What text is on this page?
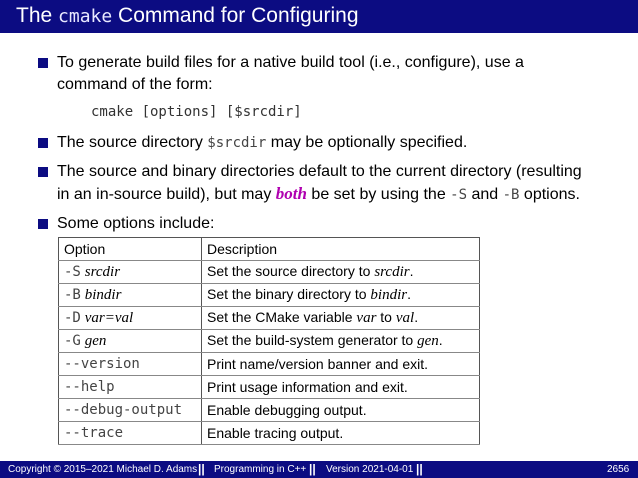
The cmake Command for Configuring
To generate build files for a native build tool (i.e., configure), use a
command of the form:
cmake [options] [$srcdir]
The source directory $srcdir may be optionally specified.
The source and binary directories default to the current directory (resulting
in an in-source build), but may both be set by using the -S and -B options.
Some options include:
Option	Description
-S srcdir	Set the source directory to srcdir.
-B bindir	Set the binary directory to bindir.
-D var=val	Set the CMake variable var to val.
-G gen	Set the build-system generator to gen.
--version	Print name/version banner and exit.
--help	Print usage information and exit.
--debug-output	Enable debugging output.
--trace	Enable tracing output.
Copyright © 2015–2021 Michael D. Adams || Programming in C++ || Version 2021-04-01 ||	2656
